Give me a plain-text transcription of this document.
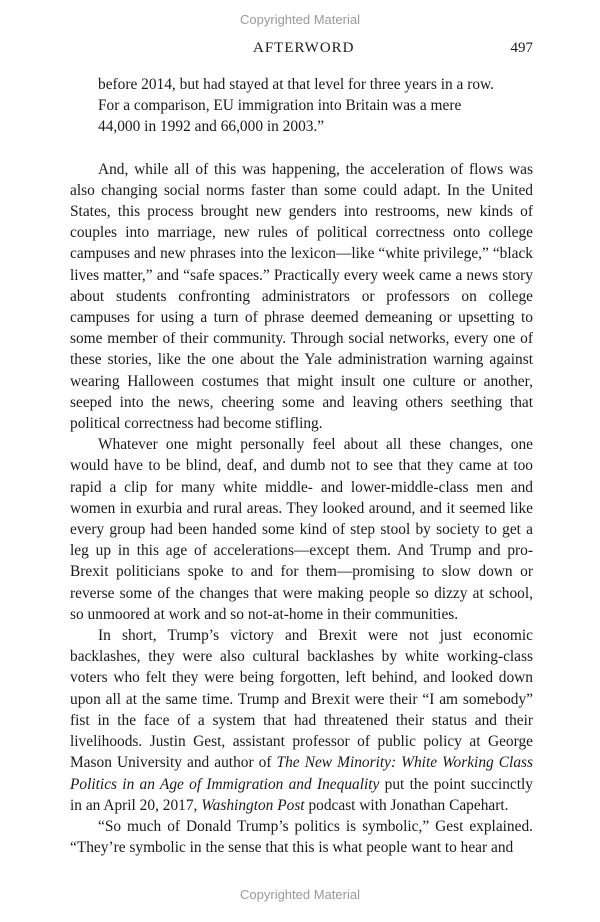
Copyrighted Material
AFTERWORD	497

before 2014, but had stayed at that level for three years in a row.
For a comparison, EU immigration into Britain was a mere
44,000 in 1992 and 66,000 in 2003.”

And, while all of this was happening, the acceleration of flows was also changing social norms faster than some could adapt. In the United States, this process brought new genders into restrooms, new kinds of couples into marriage, new rules of political correctness onto college campuses and new phrases into the lexicon—like “white privilege,” “black lives matter,” and “safe spaces.” Practically every week came a news story about students confronting administrators or professors on college campuses for using a turn of phrase deemed demeaning or upsetting to some member of their community. Through social networks, every one of these stories, like the one about the Yale administration warning against wearing Halloween costumes that might insult one culture or another, seeped into the news, cheering some and leaving others seething that political correctness had become stifling.

Whatever one might personally feel about all these changes, one would have to be blind, deaf, and dumb not to see that they came at too rapid a clip for many white middle- and lower-middle-class men and women in exurbia and rural areas. They looked around, and it seemed like every group had been handed some kind of step stool by society to get a leg up in this age of accelerations—except them. And Trump and pro-Brexit politicians spoke to and for them—promising to slow down or reverse some of the changes that were making people so dizzy at school, so unmoored at work and so not-at-home in their communities.

In short, Trump’s victory and Brexit were not just economic backlashes, they were also cultural backlashes by white working-class voters who felt they were being forgotten, left behind, and looked down upon all at the same time. Trump and Brexit were their “I am somebody” fist in the face of a system that had threatened their status and their livelihoods. Justin Gest, assistant professor of public policy at George Mason University and author of The New Minority: White Working Class Politics in an Age of Immigration and Inequality put the point succinctly in an April 20, 2017, Washington Post podcast with Jonathan Capehart.

“So much of Donald Trump’s politics is symbolic,” Gest explained. “They’re symbolic in the sense that this is what people want to hear and

Copyrighted Material
